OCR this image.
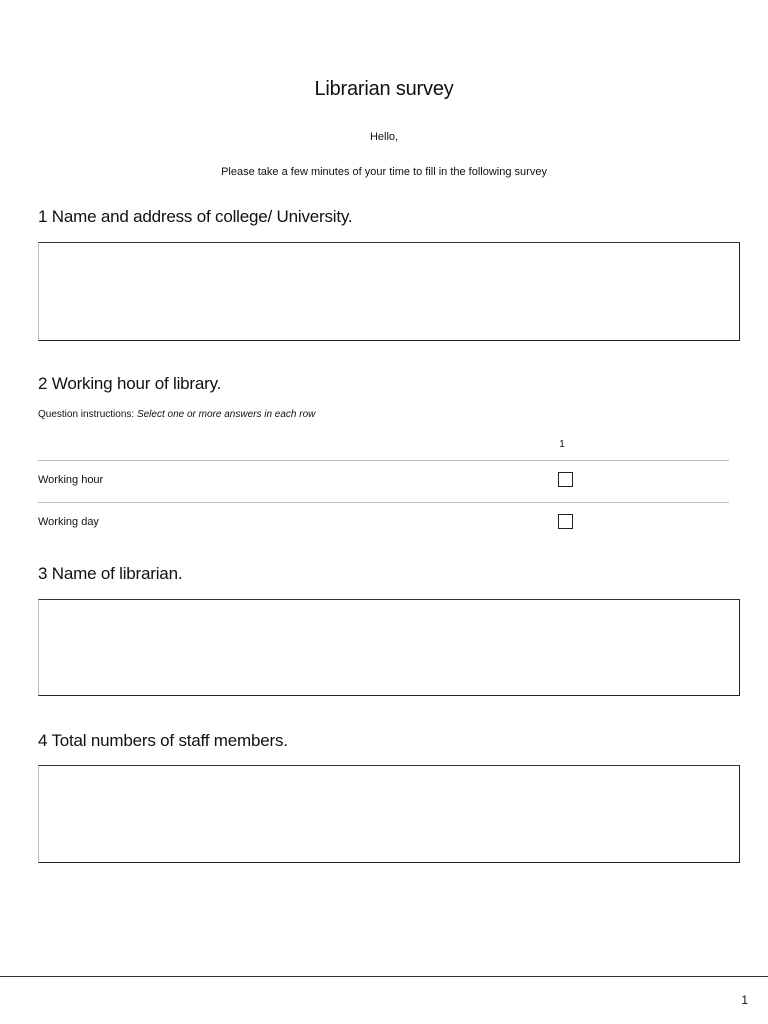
Librarian survey
Hello,
Please take a few minutes of your time to fill in the following survey
1 Name and address of college/ University.
2 Working hour of library.
Question instructions: Select one or more answers in each row
1
Working hour
Working day
3 Name of librarian.
4 Total numbers of staff members.
1
